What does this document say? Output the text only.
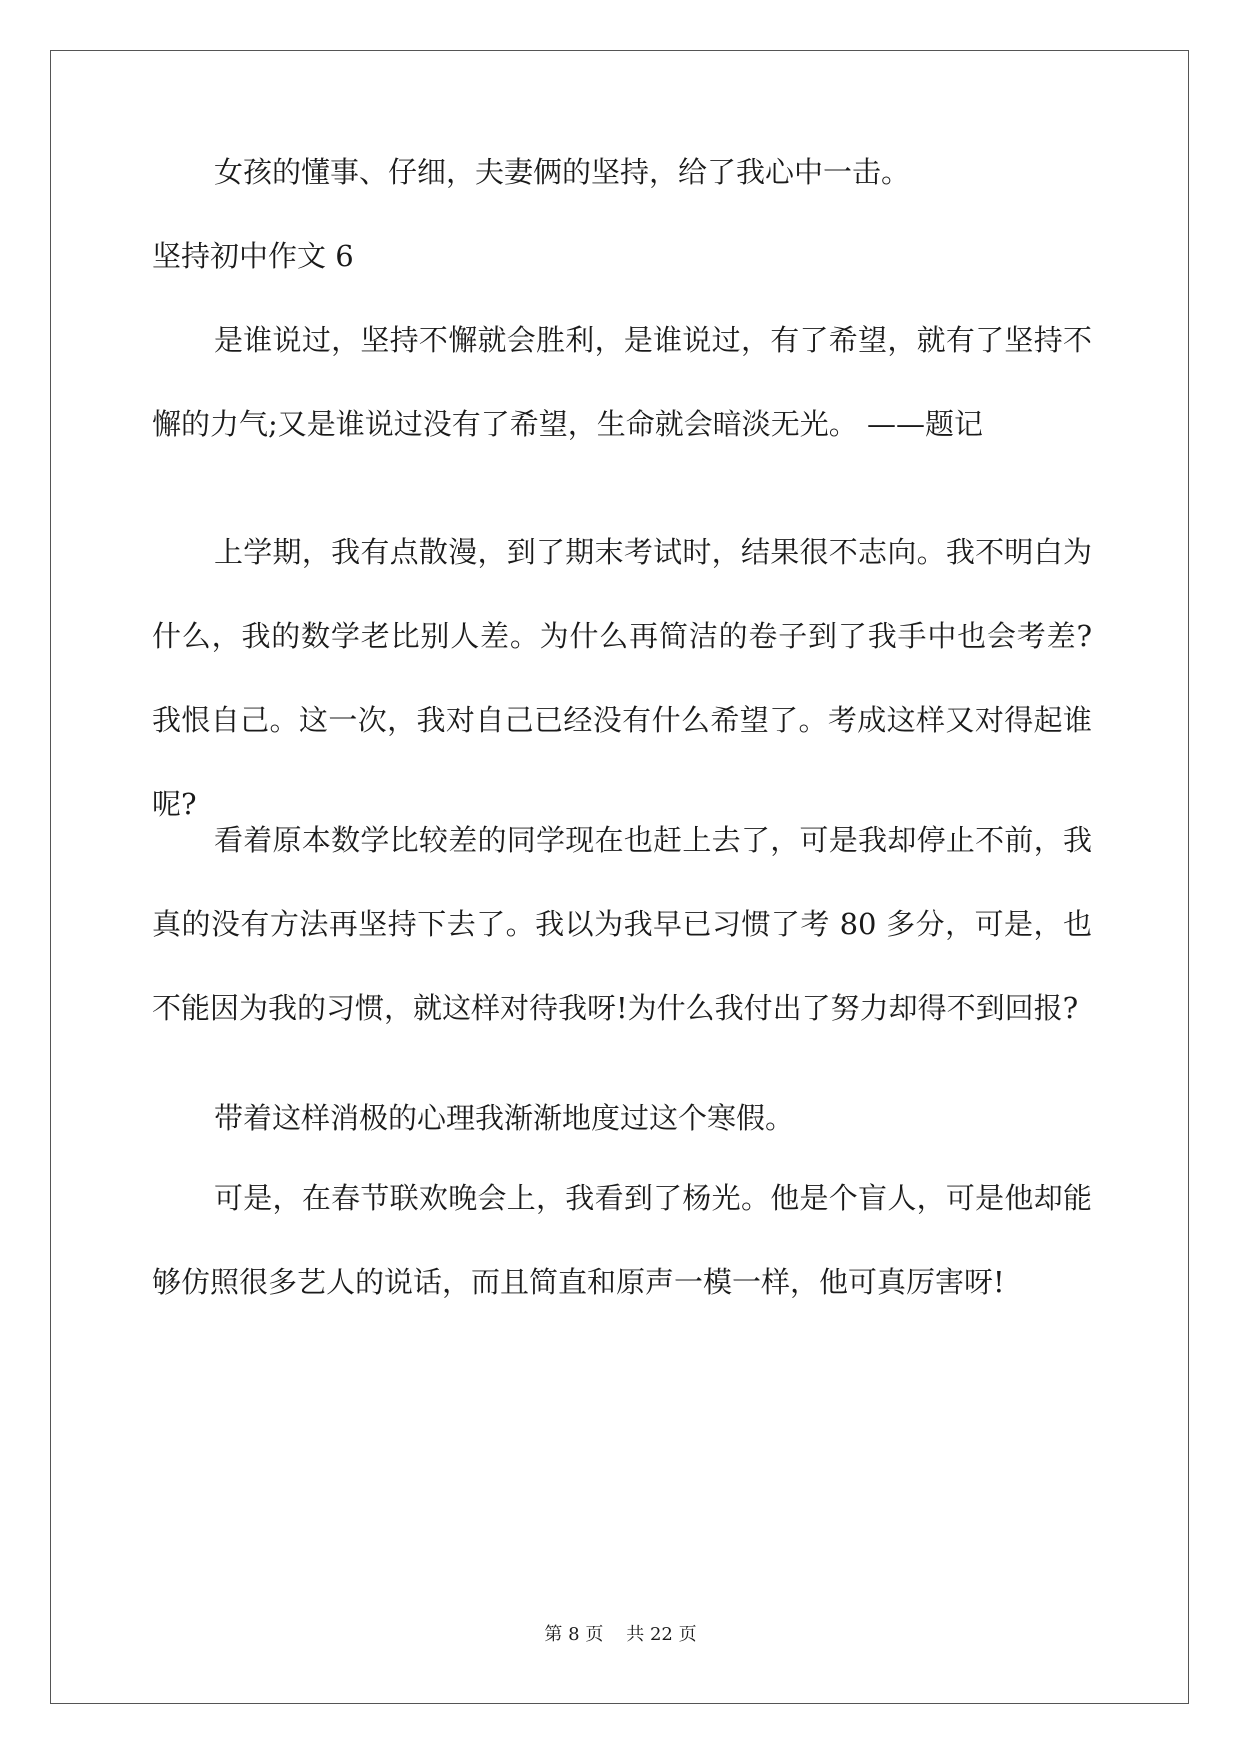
女孩的懂事、仔细，夫妻俩的坚持，给了我心中一击。

坚持初中作文 6

是谁说过，坚持不懈就会胜利，是谁说过，有了希望，就有了坚持不懈的力气;又是谁说过没有了希望，生命就会暗淡无光。 ——题记

上学期，我有点散漫，到了期末考试时，结果很不志向。我不明白为什么，我的数学老比别人差。为什么再简洁的卷子到了我手中也会考差?我恨自己。这一次，我对自己已经没有什么希望了。考成这样又对得起谁呢?

看着原本数学比较差的同学现在也赶上去了，可是我却停止不前，我真的没有方法再坚持下去了。我以为我早已习惯了考 80 多分，可是，也不能因为我的习惯，就这样对待我呀!为什么我付出了努力却得不到回报?

带着这样消极的心理我渐渐地度过这个寒假。

可是，在春节联欢晚会上，我看到了杨光。他是个盲人，可是他却能够仿照很多艺人的说话，而且简直和原声一模一样，他可真厉害呀!

第 8 页 共 22 页
